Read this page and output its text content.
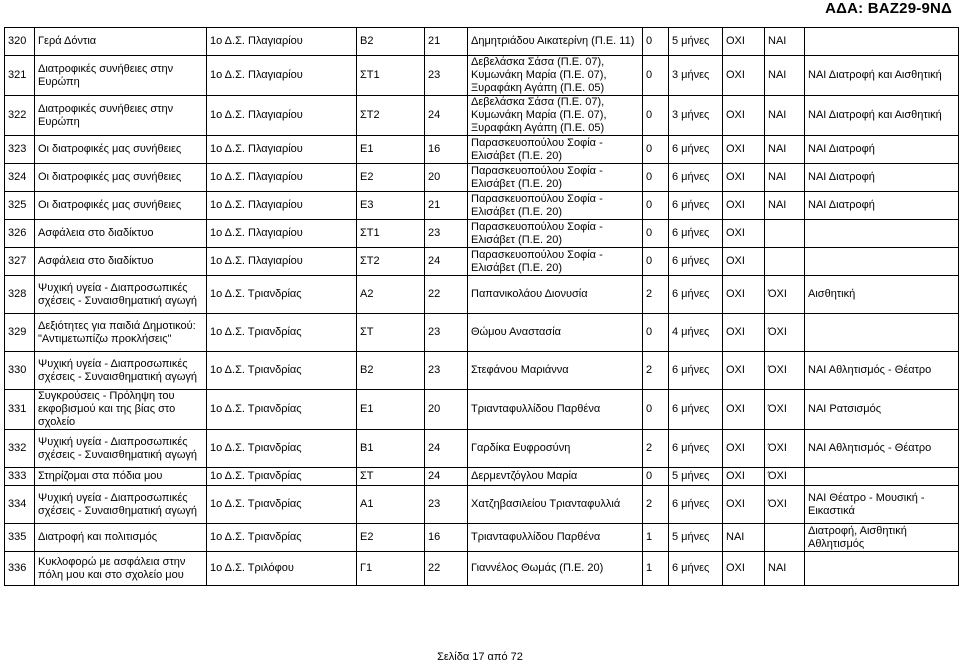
ΑΔΑ: ΒΑΖ29-9ΝΔ
320	Γερά Δόντια	1ο Δ.Σ. Πλαγιαρίου	Β2	21	Δημητριάδου Αικατερίνη (Π.Ε. 11)	0	5 μήνες	ΟΧΙ	ΝΑΙ	
321	Διατροφικές συνήθειες στην Ευρώπη	1ο Δ.Σ. Πλαγιαρίου	ΣΤ1	23	Δεβελάσκα Σάσα (Π.Ε. 07), Κυμωνάκη Μαρία (Π.Ε. 07), Ξυραφάκη Αγάπη (Π.Ε. 05)	0	3 μήνες	ΟΧΙ	ΝΑΙ	ΝΑΙ Διατροφή και Αισθητική
322	Διατροφικές συνήθειες στην Ευρώπη	1ο Δ.Σ. Πλαγιαρίου	ΣΤ2	24	Δεβελάσκα Σάσα (Π.Ε. 07), Κυμωνάκη Μαρία (Π.Ε. 07), Ξυραφάκη Αγάπη (Π.Ε. 05)	0	3 μήνες	ΟΧΙ	ΝΑΙ	ΝΑΙ Διατροφή και Αισθητική
323	Οι διατροφικές μας συνήθειες	1ο Δ.Σ. Πλαγιαρίου	Ε1	16	Παρασκευοπούλου Σοφία - Ελισάβετ (Π.Ε. 20)	0	6 μήνες	ΟΧΙ	ΝΑΙ	ΝΑΙ Διατροφή
324	Οι διατροφικές μας συνήθειες	1ο Δ.Σ. Πλαγιαρίου	Ε2	20	Παρασκευοπούλου Σοφία - Ελισάβετ (Π.Ε. 20)	0	6 μήνες	ΟΧΙ	ΝΑΙ	ΝΑΙ Διατροφή
325	Οι διατροφικές μας συνήθειες	1ο Δ.Σ. Πλαγιαρίου	Ε3	21	Παρασκευοπούλου Σοφία - Ελισάβετ (Π.Ε. 20)	0	6 μήνες	ΟΧΙ	ΝΑΙ	ΝΑΙ Διατροφή
326	Ασφάλεια στο διαδίκτυο	1ο Δ.Σ. Πλαγιαρίου	ΣΤ1	23	Παρασκευοπούλου Σοφία - Ελισάβετ (Π.Ε. 20)	0	6 μήνες	ΟΧΙ		
327	Ασφάλεια στο διαδίκτυο	1ο Δ.Σ. Πλαγιαρίου	ΣΤ2	24	Παρασκευοπούλου Σοφία - Ελισάβετ (Π.Ε. 20)	0	6 μήνες	ΟΧΙ		
328	Ψυχική υγεία - Διαπροσωπικές σχέσεις - Συναισθηματική αγωγή	1ο Δ.Σ. Τριανδρίας	Α2	22	Παπανικολάου Διονυσία	2	6 μήνες	ΟΧΙ	ΌΧΙ	Αισθητική
329	Δεξιότητες για παιδιά Δημοτικού: "Αντιμετωπίζω προκλήσεις"	1ο Δ.Σ. Τριανδρίας	ΣΤ	23	Θώμου Αναστασία	0	4 μήνες	ΟΧΙ	ΌΧΙ	
330	Ψυχική υγεία - Διαπροσωπικές σχέσεις - Συναισθηματική αγωγή	1ο Δ.Σ. Τριανδρίας	Β2	23	Στεφάνου Μαριάννα	2	6 μήνες	ΟΧΙ	ΌΧΙ	ΝΑΙ Αθλητισμός - Θέατρο
331	Συγκρούσεις - Πρόληψη του εκφοβισμού και της βίας στο σχολείο	1ο Δ.Σ. Τριανδρίας	Ε1	20	Τριανταφυλλίδου Παρθένα	0	6 μήνες	ΟΧΙ	ΌΧΙ	ΝΑΙ Ρατσισμός
332	Ψυχική υγεία - Διαπροσωπικές σχέσεις - Συναισθηματική αγωγή	1ο Δ.Σ. Τριανδρίας	Β1	24	Γαρδίκα Ευφροσύνη	2	6 μήνες	ΟΧΙ	ΌΧΙ	ΝΑΙ Αθλητισμός - Θέατρο
333	Στηρίζομαι στα πόδια μου	1ο Δ.Σ. Τριανδρίας	ΣΤ	24	Δερμεντζόγλου Μαρία	0	5 μήνες	ΟΧΙ	ΌΧΙ	
334	Ψυχική υγεία - Διαπροσωπικές σχέσεις - Συναισθηματική αγωγή	1ο Δ.Σ. Τριανδρίας	Α1	23	Χατζηβασιλείου Τριανταφυλλιά	2	6 μήνες	ΟΧΙ	ΌΧΙ	ΝΑΙ Θέατρο - Μουσική - Εικαστικά
335	Διατροφή και πολιτισμός	1ο Δ.Σ. Τριανδρίας	Ε2	16	Τριανταφυλλίδου Παρθένα	1	5 μήνες	ΝΑΙ		Διατροφή, Αισθητική Αθλητισμός
336	Κυκλοφορώ με ασφάλεια στην πόλη μου και στο σχολείο μου	1ο Δ.Σ. Τριλόφου	Γ1	22	Γιαννέλος Θωμάς (Π.Ε. 20)	1	6 μήνες	ΟΧΙ	ΝΑΙ	
Σελίδα 17 από 72
